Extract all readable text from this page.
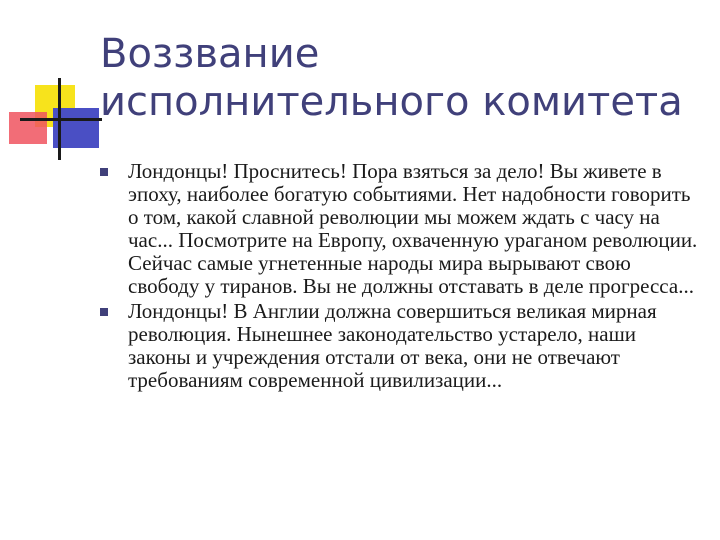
Воззвание исполнительного комитета
Лондонцы! Проснитесь! Пора взяться за дело! Вы живете в эпоху, наиболее богатую событиями. Нет надобности говорить о том, какой славной революции мы можем ждать с часу на час... Посмотрите на Европу, охваченную ураганом революции. Сейчас самые угнетенные народы мира вырывают свою свободу у тиранов. Вы не должны отставать в деле прогресса...
Лондонцы! В Англии должна совершиться великая мирная революция. Нынешнее законодательство устарело, наши законы и учреждения отстали от века, они не отвечают требованиям современной цивилизации...
